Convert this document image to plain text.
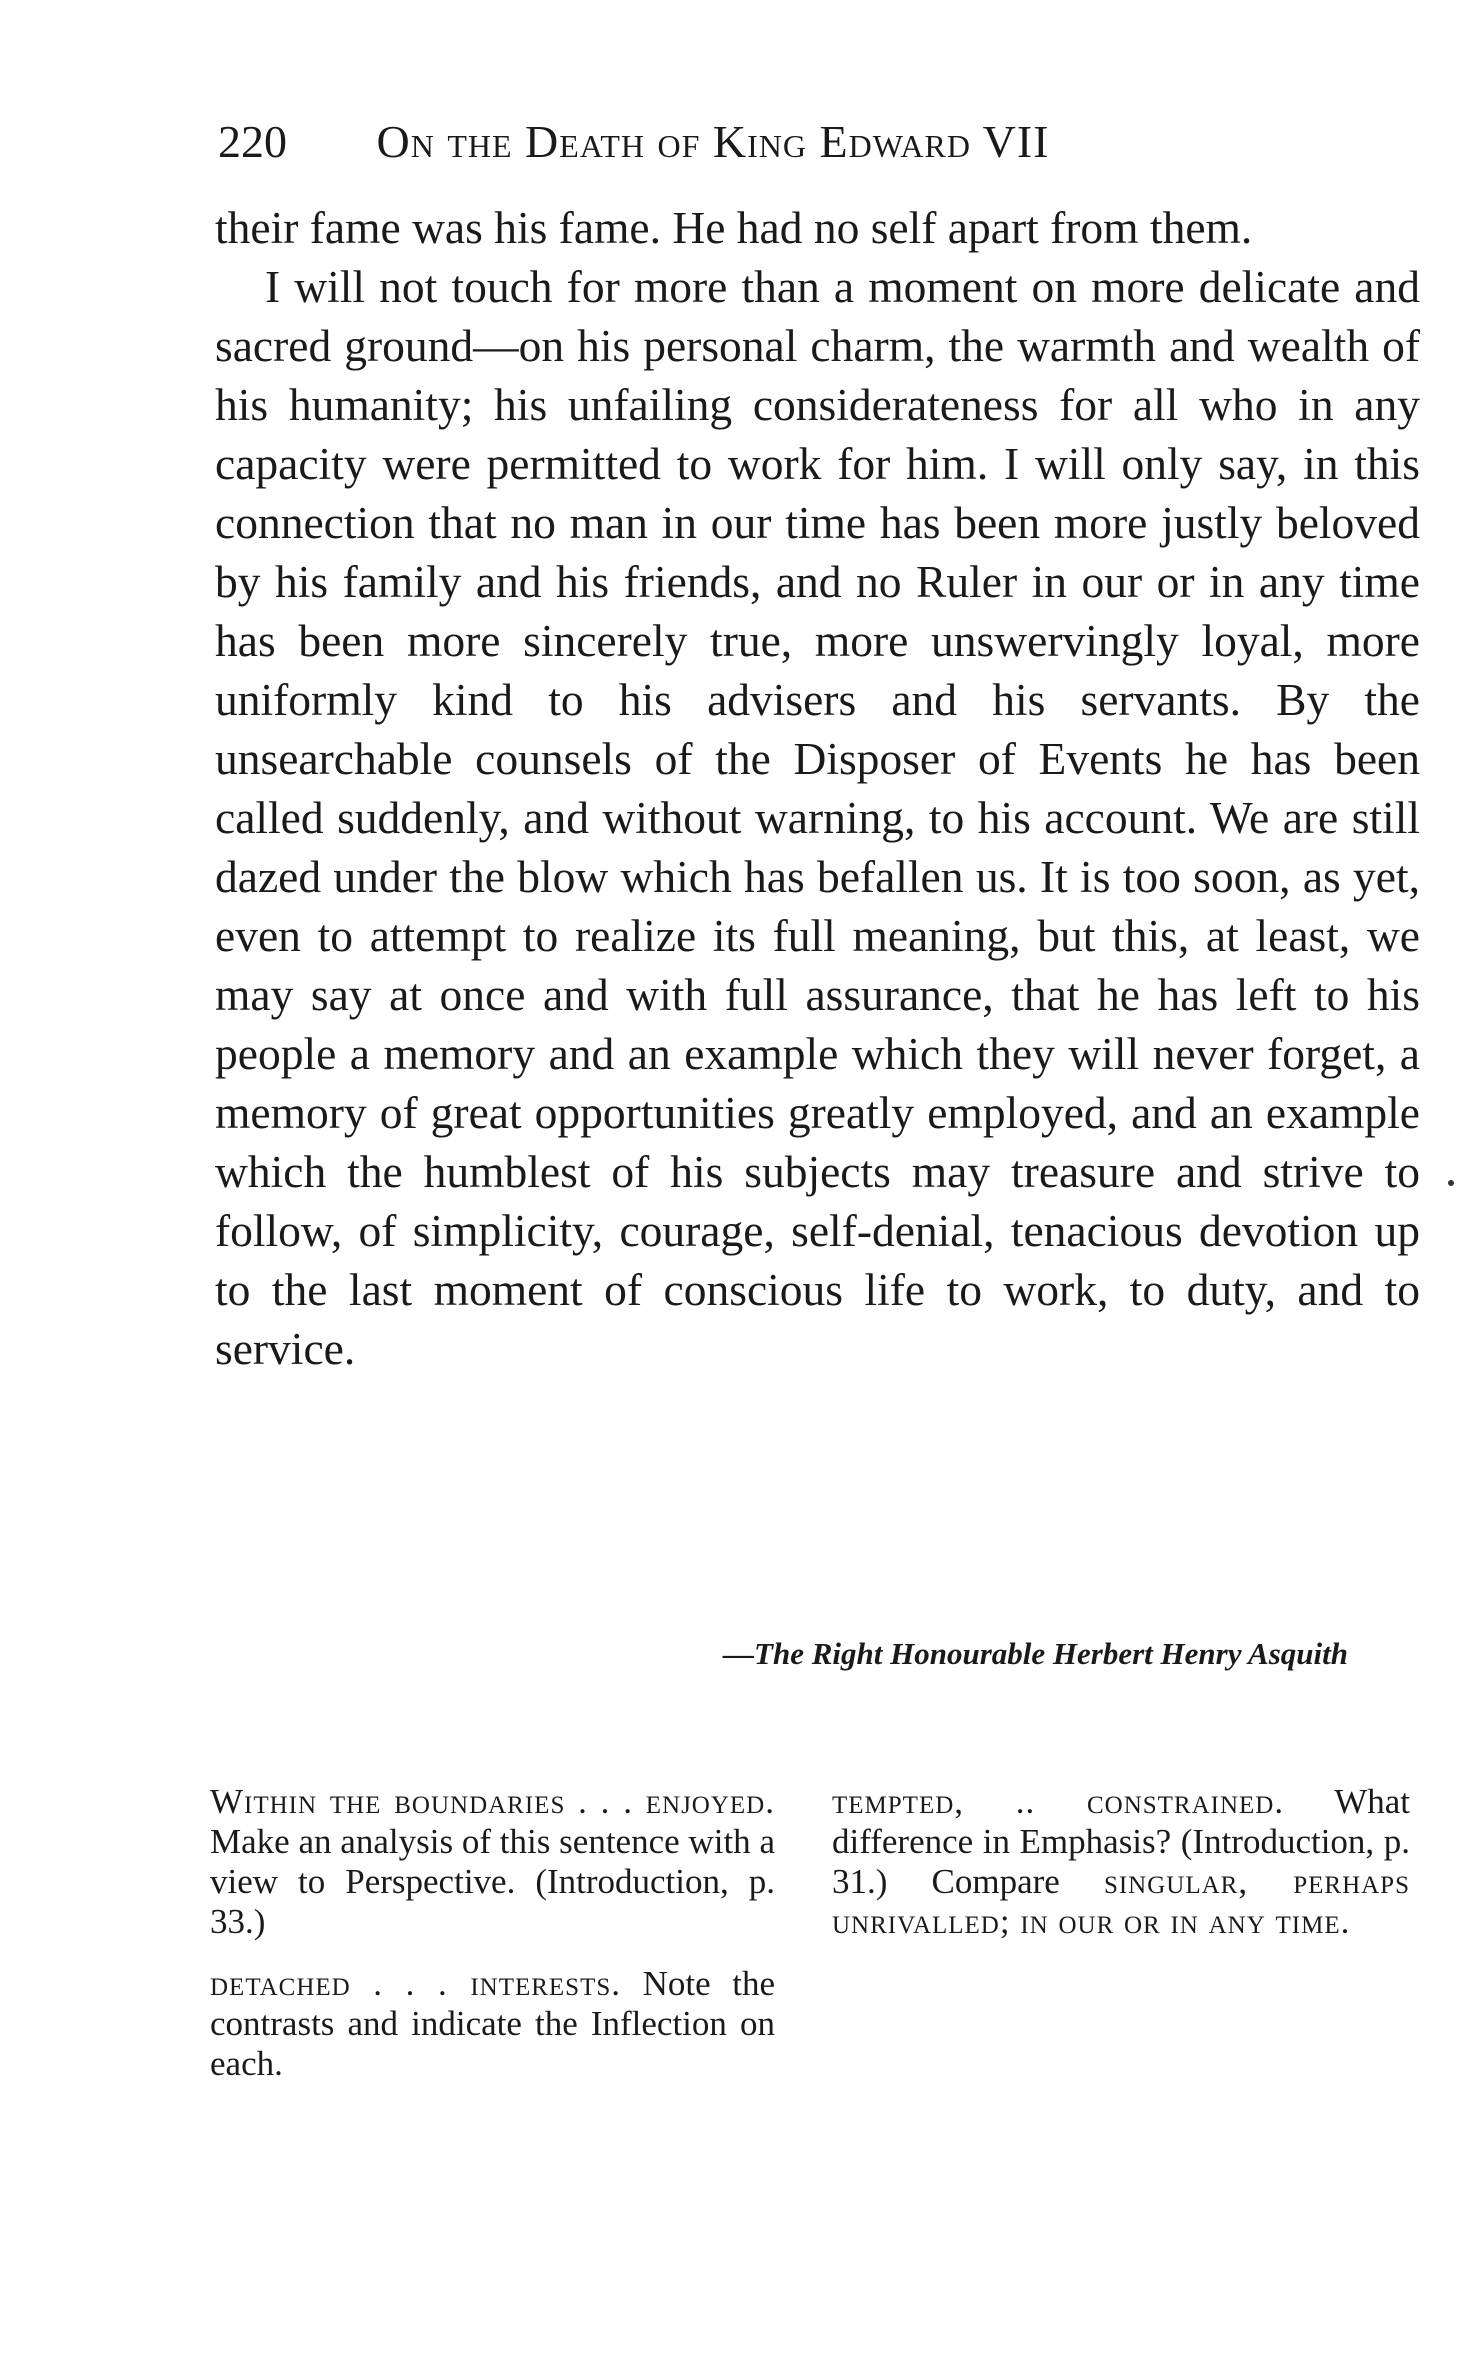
220 On the Death of King Edward VII

their fame was his fame. He had no self apart from them.

I will not touch for more than a moment on more delicate and sacred ground—on his personal charm, the warmth and wealth of his humanity; his unfailing considerateness for all who in any capacity were permitted to work for him. I will only say, in this connection that no man in our time has been more justly beloved by his family and his friends, and no Ruler in our or in any time has been more sincerely true, more unswervingly loyal, more uniformly kind to his advisers and his servants. By the unsearchable counsels of the Disposer of Events he has been called suddenly, and without warning, to his account. We are still dazed under the blow which has befallen us. It is too soon, as yet, even to attempt to realize its full meaning, but this, at least, we may say at once and with full assurance, that he has left to his people a memory and an example which they will never forget, a memory of great opportunities greatly employed, and an example which the humblest of his subjects may treasure and strive to follow, of simplicity, courage, self-denial, tenacious devotion up to the last moment of conscious life to work, to duty, and to service.

—The Right Honourable Herbert Henry Asquith

Within the boundaries . . . enjoyed. Make an analysis of this sentence with a view to Perspective. (Introduction, p. 33.)

detached . . . interests. Note the contrasts and indicate the Inflection on each.

tempted, .. constrained. What difference in Emphasis? (Introduction, p. 31.) Compare singular, perhaps unrivalled; in our or in any time.
